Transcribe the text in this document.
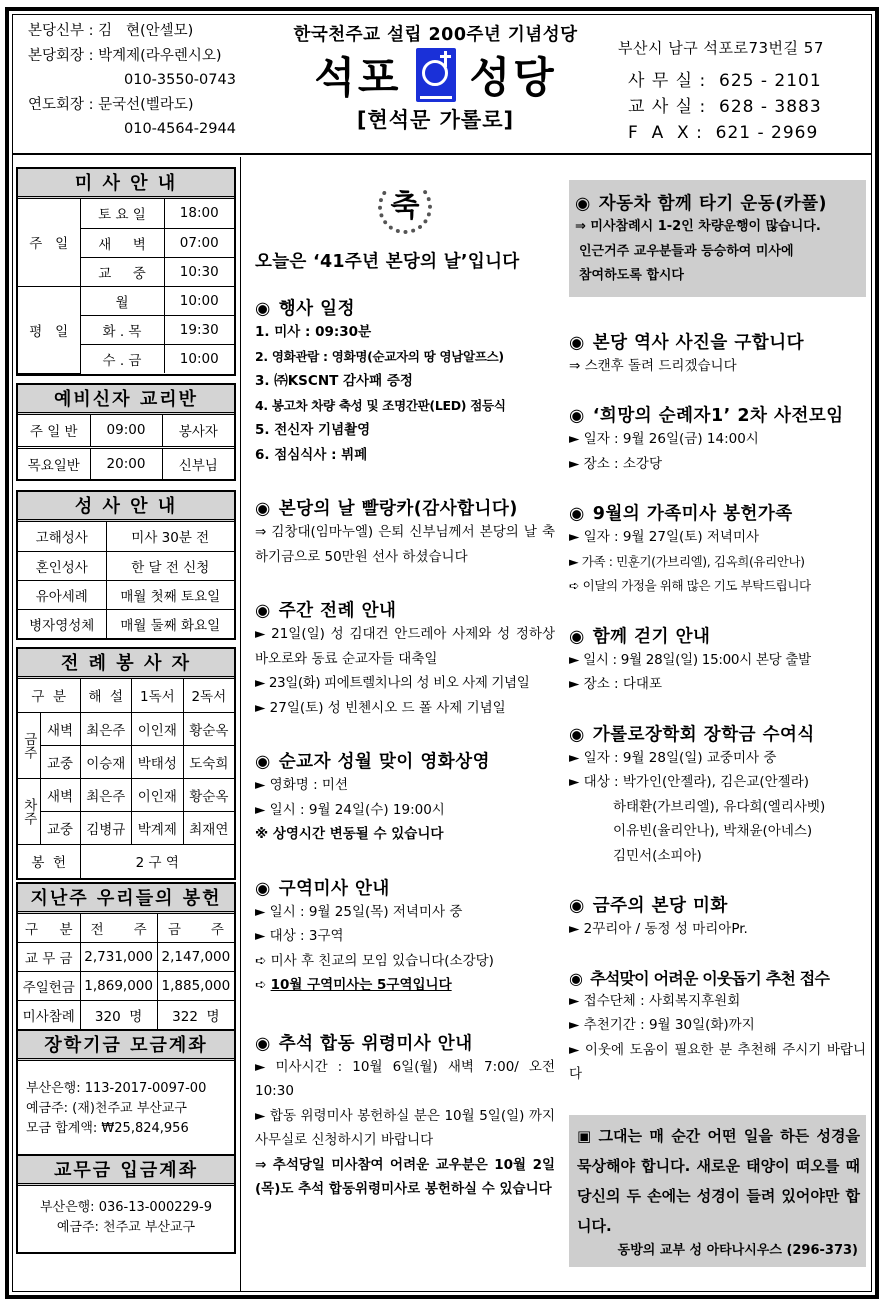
본당신부 : 김   현(안셀모)
본당회장 : 박계제(라우렌시오)
010-3550-0743
연도회장 : 문국선(벨라도)
010-4564-2944
한국천주교 설립 200주년 기념성당
석포 성당
[현석문 가롤로]
부산시 남구 석포로73번길 57
사 무 실 : 625 - 2101
교 사 실 : 628 - 3883
F  A  X : 621 - 2969
미 사 안 내
주   일	토 요 일	18:00
	새     벽	07:00
	교     중	10:30
평   일	월	10:00
	화 . 목	19:30
	수 . 금	10:00
예비신자 교리반
주 일 반	09:00	봉사자
목요일반	20:00	신부님
성 사 안 내
고해성사	미사 30분 전
혼인성사	한 달 전 신청
유아세례	매월 첫째 토요일
병자영성체	매월 둘째 화요일
전 례 봉 사 자
구  분		해  설	1독서	2독서
금주	새벽	최은주	이인재	황순옥
	교중	이승재	박태성	도숙희
차주	새벽	최은주	이인재	황순옥
	교중	김병규	박계제	최재연
봉  헌		2 구 역		
지난주 우리들의 봉헌
구     분	전       주	금       주
교 무 금	2,731,000	2,147,000
주일헌금	1,869,000	1,885,000
미사참례	320  명	322  명
장학기금 모금계좌
부산은행: 113-2017-0097-00
예금주: (재)천주교 부산교구
모금 합계액: ₩25,824,956
교무금 입금계좌
부산은행: 036-13-000229-9
예금주: 천주교 부산교구
축
오늘은 ‘41주년 본당의 날’입니다
◉ 행사 일정
1. 미사 : 09:30분
2. 영화관람 : 영화명(순교자의 땅 영남알프스)
3. ㈜KSCNT 감사패 증정
4. 봉고차 차량 축성 및 조명간판(LED) 점등식
5. 전신자 기념촬영
6. 점심식사 : 뷔페
◉ 본당의 날 빨랑카(감사합니다)
⇒ 김창대(임마누엘) 은퇴 신부님께서 본당의 날 축하기금으로 50만원 선사 하셨습니다
◉ 주간 전례 안내
► 21일(일) 성 김대건 안드레아 사제와 성 정하상 바오로와 동료 순교자들 대축일
► 23일(화) 피에트렐치나의 성 비오 사제 기념일
► 27일(토) 성 빈첸시오 드 폴 사제 기념일
◉ 순교자 성월 맞이 영화상영
► 영화명 : 미션
► 일시 : 9월 24일(수) 19:00시
※ 상영시간 변동될 수 있습니다
◉ 구역미사 안내
► 일시 : 9월 25일(목) 저녁미사 중
► 대상 : 3구역
➪ 미사 후 친교의 모임 있습니다(소강당)
➪ 10월 구역미사는 5구역입니다
◉ 추석 합동 위령미사 안내
► 미사시간 : 10월 6일(월) 새벽 7:00/ 오전 10:30
► 합동 위령미사 봉헌하실 분은 10월 5일(일) 까지 사무실로 신청하시기 바랍니다
⇒ 추석당일 미사참여 어려운 교우분은 10월 2일(목)도 추석 합동위령미사로 봉헌하실 수 있습니다
◉ 자동차 함께 타기 운동(카풀)
⇒ 미사참례시 1-2인 차량운행이 많습니다.
인근거주 교우분들과 등승하여 미사에
참여하도록 합시다
◉ 본당 역사 사진을 구합니다
⇒ 스캔후 돌려 드리겠습니다
◉ ‘희망의 순례자1’ 2차 사전모임
► 일자 : 9월 26일(금) 14:00시
► 장소 : 소강당
◉ 9월의 가족미사 봉헌가족
► 일자 : 9월 27일(토) 저녁미사
► 가족 : 민훈기(가브리엘), 김옥희(유리안나)
➪ 이달의 가정을 위해 많은 기도 부탁드립니다
◉ 함께 걷기 안내
► 일시 : 9월 28일(일) 15:00시 본당 출발
► 장소 : 다대포
◉ 가롤로장학회 장학금 수여식
► 일자 : 9월 28일(일) 교중미사 중
► 대상 : 박가인(안젤라), 김은교(안젤라)
하태환(가브리엘), 유다희(엘리사벳)
이유빈(율리안나), 박채윤(아네스)
김민서(소피아)
◉ 금주의 본당 미화
► 2꾸리아 / 동정 성 마리아Pr.
◉ 추석맞이 어려운 이웃돕기 추천 접수
► 접수단체 : 사회복지후원회
► 추천기간 : 9월 30일(화)까지
► 이웃에 도움이 필요한 분 추천해 주시기 바랍니다
▣ 그대는 매 순간 어떤 일을 하든 성경을 묵상해야 합니다. 새로운 태양이 떠오를 때 당신의 두 손에는 성경이 들려 있어야만 합니다.
동방의 교부 성 아타나시우스 (296-373)
